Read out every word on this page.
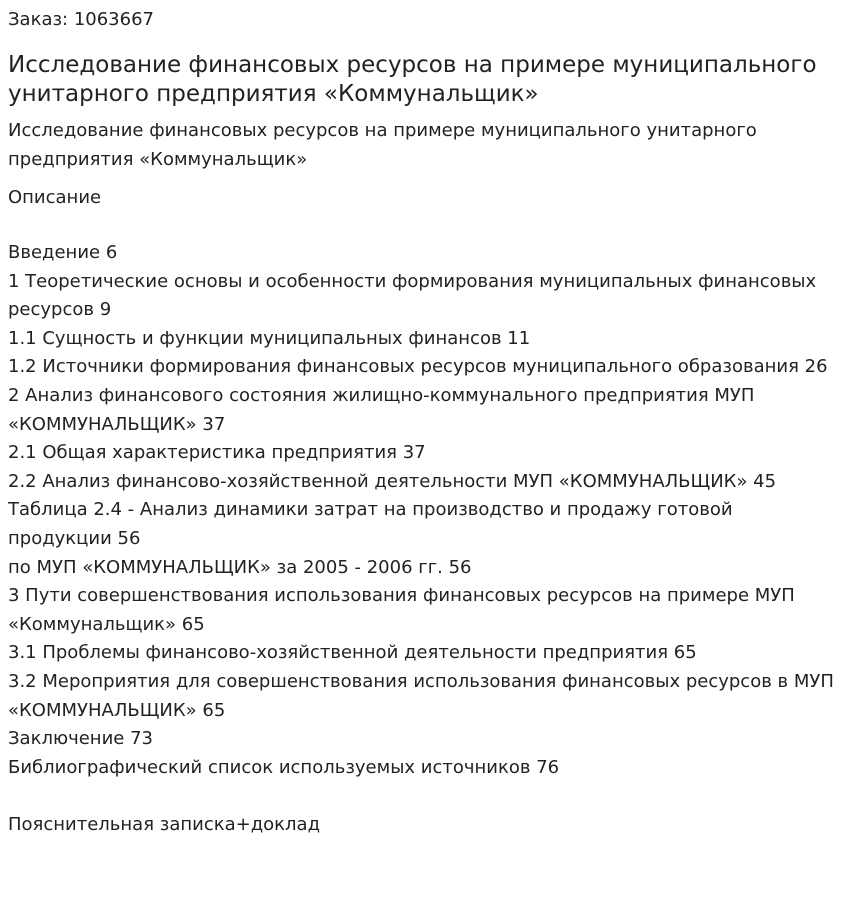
Заказ: 1063667
Исследование финансовых ресурсов на примере муниципального унитарного предприятия «Коммунальщик»
Исследование финансовых ресурсов на примере муниципального унитарного предприятия «Коммунальщик»
Описание
Введение 6
1 Теоретические основы и особенности формирования муниципальных финансовых ресурсов 9
1.1 Сущность и функции муниципальных финансов 11
1.2 Источники формирования финансовых ресурсов муниципального образования 26
2 Анализ финансового состояния жилищно-коммунального предприятия МУП «КОММУНАЛЬЩИК» 37
2.1 Общая характеристика предприятия 37
2.2 Анализ финансово-хозяйственной деятельности МУП «КОММУНАЛЬЩИК» 45
Таблица 2.4 - Анализ динамики затрат на производство и продажу готовой продукции 56
по МУП «КОММУНАЛЬЩИК» за 2005 - 2006 гг. 56
3 Пути совершенствования использования финансовых ресурсов на примере МУП «Коммунальщик» 65
3.1 Проблемы финансово-хозяйственной деятельности предприятия 65
3.2 Мероприятия для совершенствования использования финансовых ресурсов в МУП «КОММУНАЛЬЩИК» 65
Заключение 73
Библиографический список используемых источников 76
Пояснительная записка+доклад
